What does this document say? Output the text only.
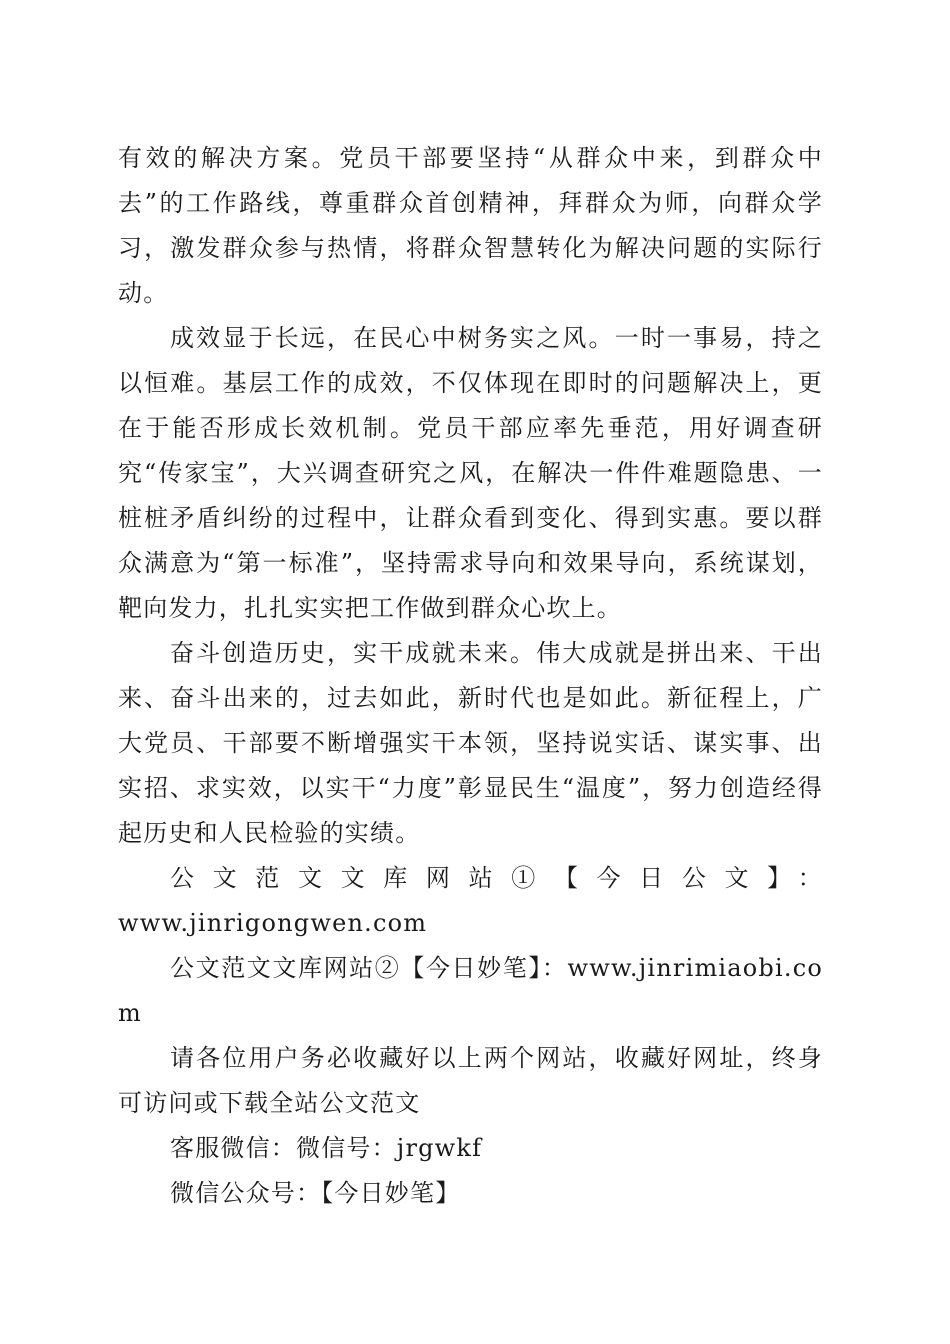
有效的解决方案。党员干部要坚持“从群众中来，到群众中去”的工作路线，尊重群众首创精神，拜群众为师，向群众学习，激发群众参与热情，将群众智慧转化为解决问题的实际行动。

成效显于长远，在民心中树务实之风。一时一事易，持之以恒难。基层工作的成效，不仅体现在即时的问题解决上，更在于能否形成长效机制。党员干部应率先垂范，用好调查研究“传家宝”，大兴调查研究之风，在解决一件件难题隐患、一桩桩矛盾纠纷的过程中，让群众看到变化、得到实惠。要以群众满意为“第一标准”，坚持需求导向和效果导向，系统谋划，靶向发力，扎扎实实把工作做到群众心坎上。

奋斗创造历史，实干成就未来。伟大成就是拼出来、干出来、奋斗出来的，过去如此，新时代也是如此。新征程上，广大党员、干部要不断增强实干本领，坚持说实话、谋实事、出实招、求实效，以实干“力度”彰显民生“温度”，努力创造经得起历史和人民检验的实绩。

公文范文文库网站①【今日公文】：

www.jinrigongwen.com

公文范文文库网站②【今日妙笔】：www.jinrimiaobi.com

请各位用户务必收藏好以上两个网站，收藏好网址，终身可访问或下载全站公文范文

客服微信：微信号：jrgwkf

微信公众号：【今日妙笔】
